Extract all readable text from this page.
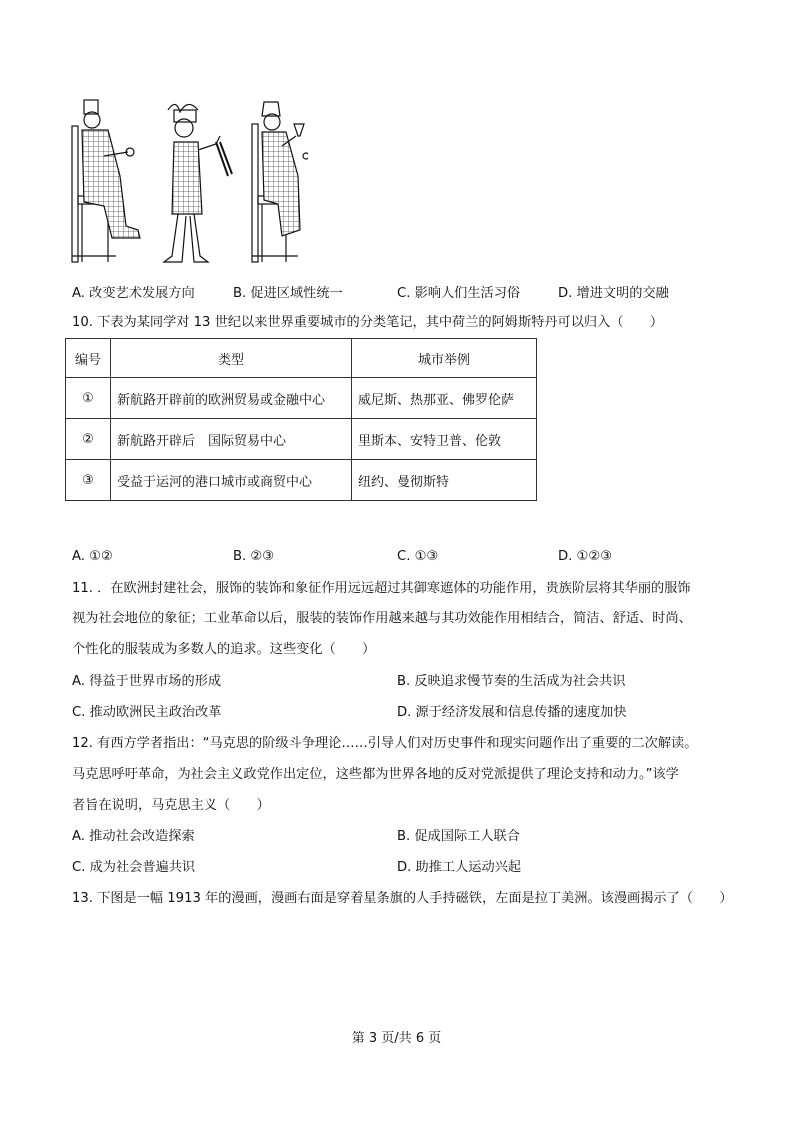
A. 改变艺术发展方向	B. 促进区域性统一	C. 影响人们生活习俗	D. 增进文明的交融
10. 下表为某同学对 13 世纪以来世界重要城市的分类笔记，其中荷兰的阿姆斯特丹可以归入（　　）
编号	类型	城市举例
①	新航路开辟前的欧洲贸易或金融中心	威尼斯、热那亚、佛罗伦萨
②	新航路开辟后　国际贸易中心	里斯本、安特卫普、伦敦
③	受益于运河的港口城市或商贸中心	纽约、曼彻斯特
A. ①②	B. ②③	C. ①③	D. ①②③
11. ．在欧洲封建社会，服饰的装饰和象征作用远远超过其御寒遮体的功能作用，贵族阶层将其华丽的服饰
视为社会地位的象征；工业革命以后，服装的装饰作用越来越与其功效能作用相结合，简洁、舒适、时尚、
个性化的服装成为多数人的追求。这些变化（　　）
A. 得益于世界市场的形成	B. 反映追求慢节奏的生活成为社会共识
C. 推动欧洲民主政治改革	D. 源于经济发展和信息传播的速度加快
12. 有西方学者指出：“马克思的阶级斗争理论……引导人们对历史事件和现实问题作出了重要的二次解读。
马克思呼吁革命，为社会主义政党作出定位，这些都为世界各地的反对党派提供了理论支持和动力。”该学
者旨在说明，马克思主义（　　）
A. 推动社会改造探索	B. 促成国际工人联合
C. 成为社会普遍共识	D. 助推工人运动兴起
13. 下图是一幅 1913 年的漫画，漫画右面是穿着星条旗的人手持磁铁，左面是拉丁美洲。该漫画揭示了（　　）
第 3 页/共 6 页
